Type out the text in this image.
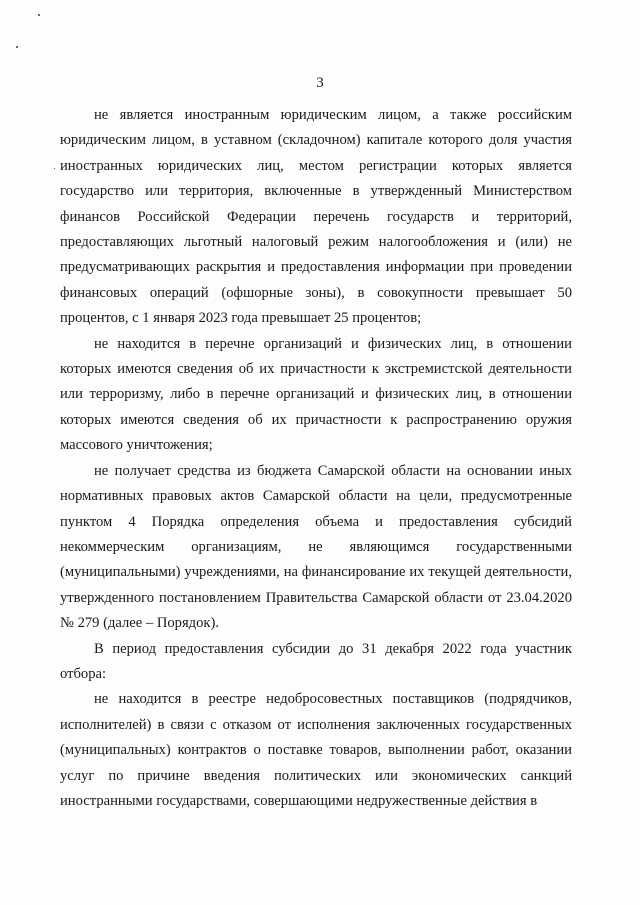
3

не является иностранным юридическим лицом, а также российским юридическим лицом, в уставном (складочном) капитале которого доля участия иностранных юридических лиц, местом регистрации которых является государство или территория, включенные в утвержденный Министерством финансов Российской Федерации перечень государств и территорий, предоставляющих льготный налоговый режим налогообложения и (или) не предусматривающих раскрытия и предоставления информации при проведении финансовых операций (офшорные зоны), в совокупности превышает 50 процентов, с 1 января 2023 года превышает 25 процентов;

не находится в перечне организаций и физических лиц, в отношении которых имеются сведения об их причастности к экстремистской деятельности или терроризму, либо в перечне организаций и физических лиц, в отношении которых имеются сведения об их причастности к распространению оружия массового уничтожения;

не получает средства из бюджета Самарской области на основании иных нормативных правовых актов Самарской области на цели, предусмотренные пунктом 4 Порядка определения объема и предоставления субсидий некоммерческим организациям, не являющимся государственными (муниципальными) учреждениями, на финансирование их текущей деятельности, утвержденного постановлением Правительства Самарской области от 23.04.2020 № 279 (далее – Порядок).

В период предоставления субсидии до 31 декабря 2022 года участник отбора:

не находится в реестре недобросовестных поставщиков (подрядчиков, исполнителей) в связи с отказом от исполнения заключенных государственных (муниципальных) контрактов о поставке товаров, выполнении работ, оказании услуг по причине введения политических или экономических санкций иностранными государствами, совершающими недружественные действия в
